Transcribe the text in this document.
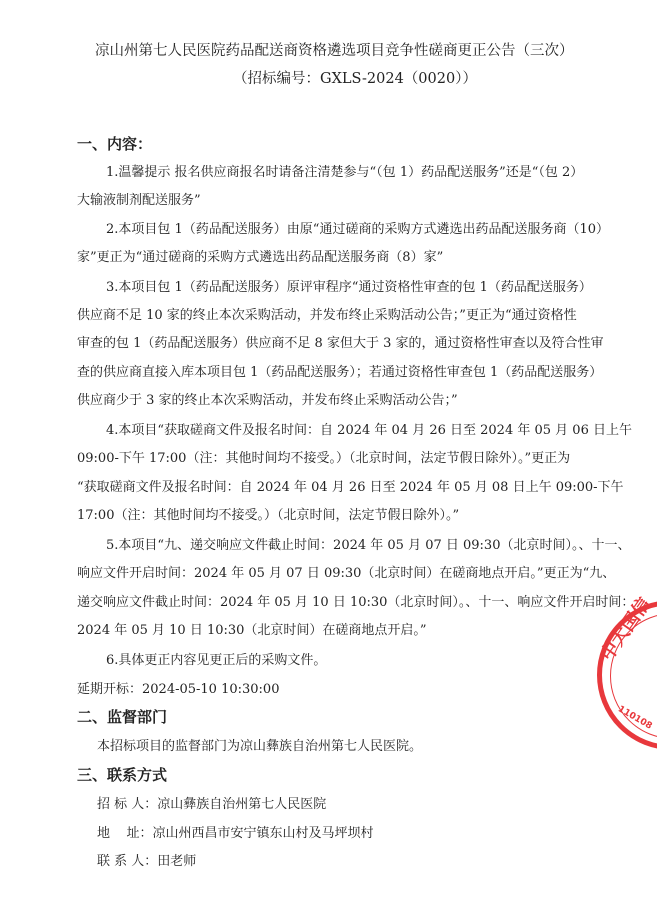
凉山州第七人民医院药品配送商资格遴选项目竞争性磋商更正公告（三次）
（招标编号：GXLS-2024（0020））
一、内容：
1.温馨提示 报名供应商报名时请备注清楚参与“（包 1）药品配送服务”还是“（包 2）
大输液制剂配送服务”
2.本项目包 1（药品配送服务）由原“通过磋商的采购方式遴选出药品配送服务商（10）
家”更正为“通过磋商的采购方式遴选出药品配送服务商（8）家”
3.本项目包 1（药品配送服务）原评审程序“通过资格性审查的包 1（药品配送服务）
供应商不足 10 家的终止本次采购活动，并发布终止采购活动公告；”更正为“通过资格性
审查的包 1（药品配送服务）供应商不足 8 家但大于 3 家的，通过资格性审查以及符合性审
查的供应商直接入库本项目包 1（药品配送服务）；若通过资格性审查包 1（药品配送服务）
供应商少于 3 家的终止本次采购活动，并发布终止采购活动公告；”
4.本项目“获取磋商文件及报名时间：自 2024 年 04 月 26 日至 2024 年 05 月 06 日上午
09:00-下午 17:00（注：其他时间均不接受。）（北京时间，法定节假日除外）。”更正为
“获取磋商文件及报名时间：自 2024 年 04 月 26 日至 2024 年 05 月 08 日上午 09:00-下午
17:00（注：其他时间均不接受。）（北京时间，法定节假日除外）。”
5.本项目“九、递交响应文件截止时间：2024 年 05 月 07 日 09:30（北京时间）。、十一、
响应文件开启时间：2024 年 05 月 07 日 09:30（北京时间）在磋商地点开启。”更正为“九、
递交响应文件截止时间：2024 年 05 月 10 日 10:30（北京时间）。、十一、响应文件开启时间：
2024 年 05 月 10 日 10:30（北京时间）在磋商地点开启。”
6.具体更正内容见更正后的采购文件。
延期开标：2024-05-10 10:30:00
二、监督部门
本招标项目的监督部门为凉山彝族自治州第七人民医院。
三、联系方式
招 标 人：凉山彝族自治州第七人民医院
地    址：凉山州西昌市安宁镇东山村及马坪坝村
联 系 人：田老师
中大国信
110108
